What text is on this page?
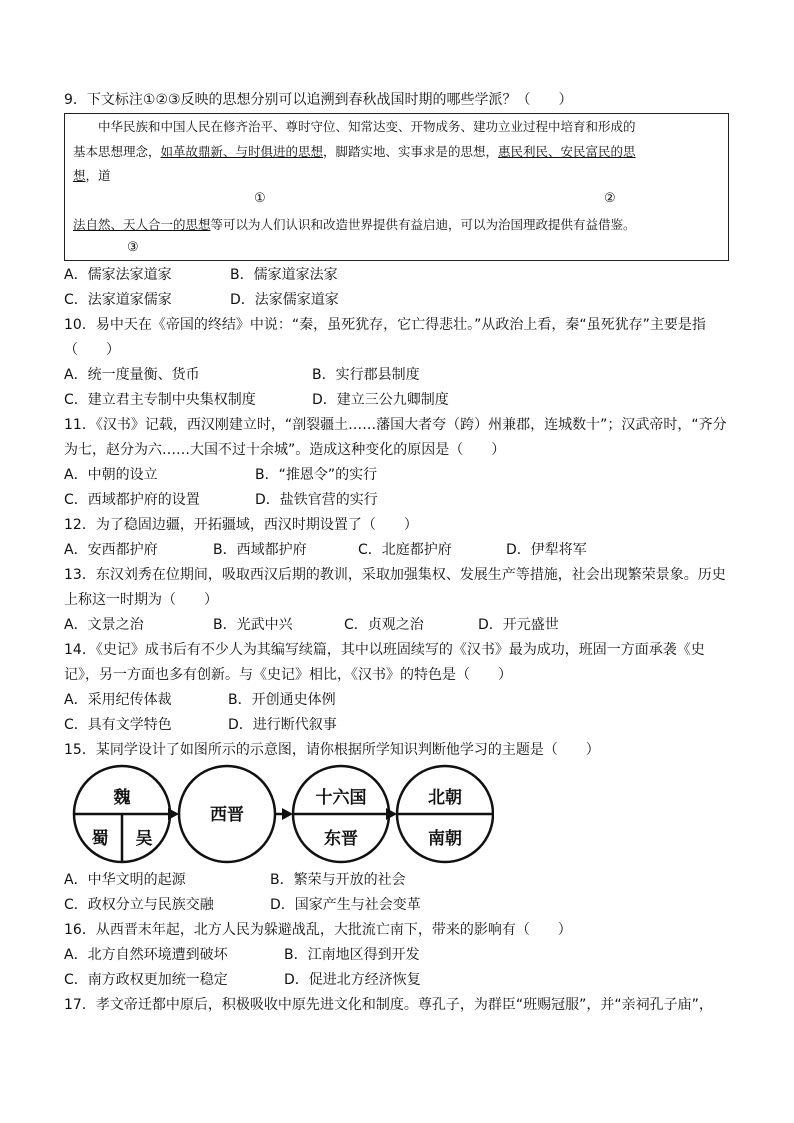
9．下文标注①②③反映的思想分别可以追溯到春秋战国时期的哪些学派？（　　）
　　中华民族和中国人民在修齐治平、尊时守位、知常达变、开物成务、建功立业过程中培育和形成的
基本思想理念，如革故鼎新、与时俱进的思想，脚踏实地、实事求是的思想，惠民利民、安民富民的思
想，道
①	②
法自然、天人合一的思想等可以为人们认识和改造世界提供有益启迪，可以为治国理政提供有益借鉴。
③
A．儒家法家道家	B．儒家道家法家
C．法家道家儒家	D．法家儒家道家
10．易中天在《帝国的终结》中说：“秦，虽死犹存，它亡得悲壮。”从政治上看，秦“虽死犹存”主要是指
（　　）
A．统一度量衡、货币	B．实行郡县制度
C．建立君主专制中央集权制度	D．建立三公九卿制度
11．《汉书》记载，西汉刚建立时，“剖裂疆土……藩国大者夸（跨）州兼郡，连城数十”；汉武帝时，“齐分
为七，赵分为六……大国不过十余城”。造成这种变化的原因是（　　）
A．中朝的设立	B．“推恩令”的实行
C．西域都护府的设置	D．盐铁官营的实行
12．为了稳固边疆，开拓疆域，西汉时期设置了（　　）
A．安西都护府	B．西域都护府	C．北庭都护府	D．伊犁将军
13．东汉刘秀在位期间，吸取西汉后期的教训，采取加强集权、发展生产等措施，社会出现繁荣景象。历史
上称这一时期为（　　）
A．文景之治	B．光武中兴	C．贞观之治	D．开元盛世
14．《史记》成书后有不少人为其编写续篇，其中以班固续写的《汉书》最为成功，班固一方面承袭《史
记》，另一方面也多有创新。与《史记》相比，《汉书》的特色是（　　）
A．采用纪传体裁	B．开创通史体例
C．具有文学特色	D．进行断代叙事
15．某同学设计了如图所示的示意图，请你根据所学知识判断他学习的主题是（　　）
魏
蜀 吴
西晋
十六国
东晋
北朝
南朝
A．中华文明的起源	B．繁荣与开放的社会
C．政权分立与民族交融	D．国家产生与社会变革
16．从西晋末年起，北方人民为躲避战乱，大批流亡南下，带来的影响有（　　）
A．北方自然环境遭到破坏	B．江南地区得到开发
C．南方政权更加统一稳定	D．促进北方经济恢复
17．孝文帝迁都中原后，积极吸收中原先进文化和制度。尊孔子，为群臣“班赐冠服”，并“亲祠孔子庙”，
